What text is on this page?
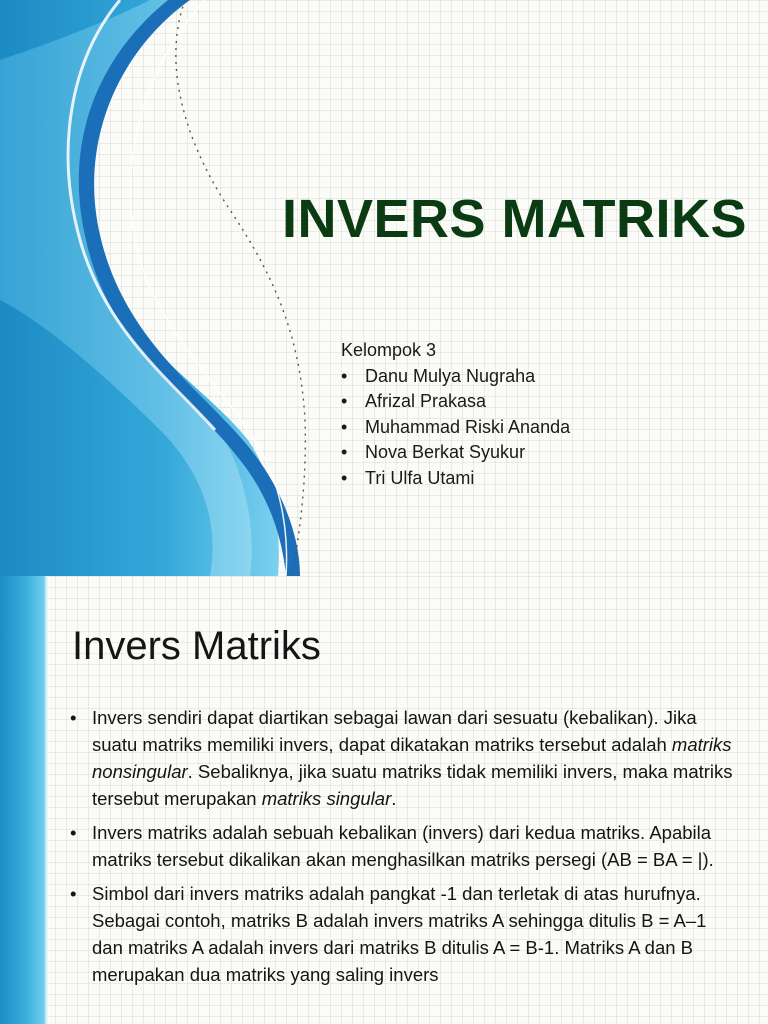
INVERS MATRIKS
Kelompok 3
• Danu Mulya Nugraha
• Afrizal Prakasa
• Muhammad Riski Ananda
• Nova Berkat Syukur
• Tri Ulfa Utami
Invers Matriks
• Invers sendiri dapat diartikan sebagai lawan dari sesuatu (kebalikan). Jika suatu matriks memiliki invers, dapat dikatakan matriks tersebut adalah matriks nonsingular. Sebaliknya, jika suatu matriks tidak memiliki invers, maka matriks tersebut merupakan matriks singular.
• Invers matriks adalah sebuah kebalikan (invers) dari kedua matriks. Apabila matriks tersebut dikalikan akan menghasilkan matriks persegi (AB = BA = |).
• Simbol dari invers matriks adalah pangkat -1 dan terletak di atas hurufnya. Sebagai contoh, matriks B adalah invers matriks A sehingga ditulis B = A–1 dan matriks A adalah invers dari matriks B ditulis A = B-1. Matriks A dan B merupakan dua matriks yang saling invers
